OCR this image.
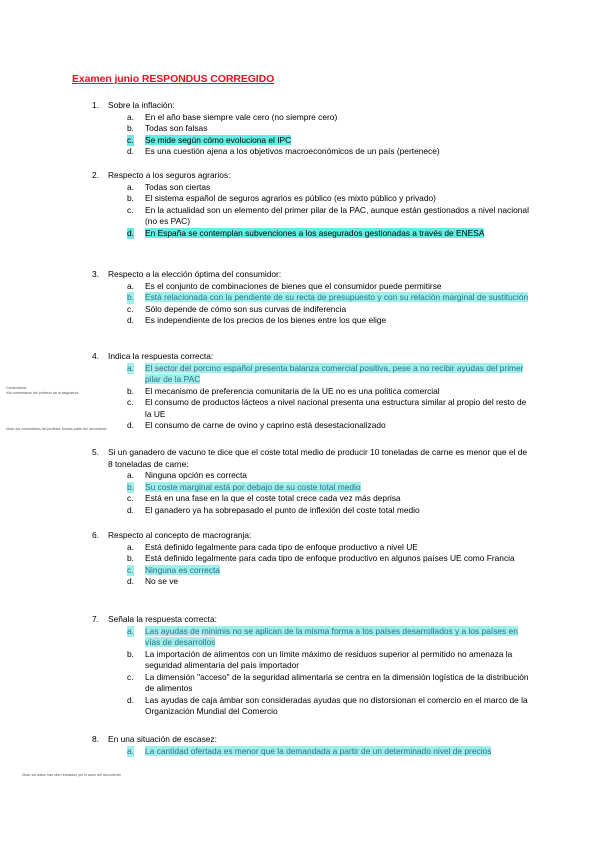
Examen junio RESPONDUS CORREGIDO
1. Sobre la inflación:
a. En el año base siempre vale cero (no siempre cero)
b. Todas son falsas
c. Se mide según cómo evoluciona el IPC
d. Es una cuestión ajena a los objetivos macroeconómicos de un país (pertenece)
2. Respecto a los seguros agrarios:
a. Todas son ciertas
b. El sistema español de seguros agrarios es público (es mixto público y privado)
c. En la actualidad son un elemento del primer pilar de la PAC, aunque están gestionados a nivel nacional (no es PAC)
d. En España se contemplan subvenciones a los asegurados gestionadas a través de ENESA
3. Respecto a la elección óptima del consumidor:
a. Es el conjunto de combinaciones de bienes que el consumidor puede permitirse
b. Está relacionada con la pendiente de su recta de presupuesto y con su relación marginal de sustitución
c. Sólo depende de cómo son sus curvas de indiferencia
d. Es independiente de los precios de los bienes entre los que elige
4. Indica la respuesta correcta:
a. El sector del porcino español presenta balanza comercial positiva, pese a no recibir ayudas del primer pilar de la PAC
b. El mecanismo de preferencia comunitaria de la UE no es una política comercial
c. El consumo de productos lácteos a nivel nacional presenta una estructura similar al propio del resto de la UE
d. El consumo de carne de ovino y caprino está desestacionalizado
5. Si un ganadero de vacuno te dice que el coste total medio de producir 10 toneladas de carne es menor que el de 8 toneladas de carne:
a. Ninguna opción es correcta
b. Su coste marginal está por debajo de su coste total medio
c. Está en una fase en la que el coste total crece cada vez más deprisa
d. El ganadero ya ha sobrepasado el punto de inflexión del coste total medio
6. Respecto al concepto de macrogranja:
a. Está definido legalmente para cada tipo de enfoque productivo a nivel UE
b. Está definido legalmente para cada tipo de enfoque productivo en algunos países UE como Francia
c. Ninguna es correcta
d. No se ve
7. Señala la respuesta correcta:
a. Las ayudas de minimis no se aplican de la misma forma a los países desarrollados y a los países en vías de desarrollos
b. La importación de alimentos con un límite máximo de residuos superior al permitido no amenaza la seguridad alimentaria del país importador
c. La dimensión "acceso" de la seguridad alimentaria se centra en la dimensión logística de la distribución de alimentos
d. Las ayudas de caja ámbar son consideradas ayudas que no distorsionan el comercio en el marco de la Organización Mundial del Comercio
8. En una situación de escasez:
a. La cantidad ofertada es menor que la demandada a partir de un determinado nivel de precios
Comentarios
Vía comentarios del profesor de la asignatura
Nota: los comentarios del profesor forman parte del documento
Nota: los datos han sido revisados por el autor del documento
